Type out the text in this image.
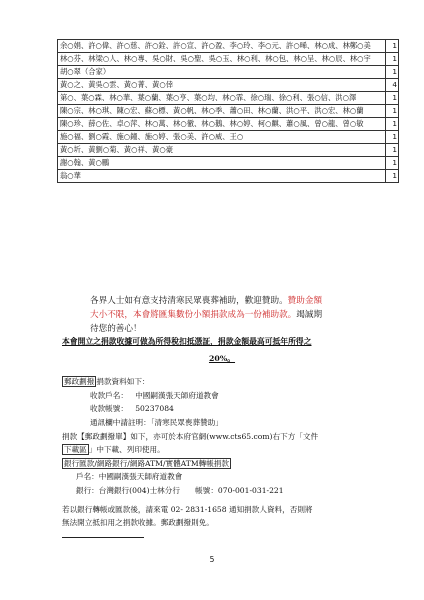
余○娟、許○偉、許○慈、許○銓、許○宣、許○盈、李○玲、李○元、許○晞、林○成、林鄭○美	1
林○芬、林梁○人、林○專、吳○財、吳○聖、吳○玉、林○利、林○包、林○呈、林○辰、林○宇	1
胡○翠（合家）	1
黃○之、黃吳○雲、黃○菁、黃○倖	4
第○、葉○霖、林○華、葉○蘭、葉○亨、葉○均、林○霏、徐○瑞、徐○利、張○信、洪○澤	1
陳○宗、林○琪、陳○宏、蘇○標、黃○帆、林○季、蕭○田、林○蘭、洪○平、洪○宏、林○蘭	1
陳○珍、薛○佐、卓○萍、林○萬、林○徹、林○鵝、林○婷、柯○麒、蕭○風、曾○龍、曾○敏	1
施○福、劉○霞、施○鐘、施○婷、張○美、許○威、王○	1
黃○圻、黃劉○菊、黃○祥、黃○豪	1
謝○翰、黃○鵬	1
翁○華	1
各界人士如有意支持清寒民眾喪葬補助，歡迎贊助。贊助金額
大小不限，本會將匯集數份小額捐款成為一份補助款。竭誠期
待您的善心！
本會開立之捐款收據可做為所得稅扣抵憑証，捐款金額最高可抵年所得之
20%。
郵政劃撥 捐款資料如下：
收款戶名： 中國嗣漢張天師府道教會
收款帳號： 50237084
通訊欄中請註明：「清寒民眾喪葬贊助」
捐款【郵政劃撥單】如下，亦可於本府官網(www.cts65.com)右下方「文件
下載區 」中下載、列印使用。
銀行匯款/網路銀行/網路ATM/實體ATM轉帳捐款
戶名：中國嗣漢張天師府道教會
銀行：台灣銀行(004)士林分行　　帳號：070-001-031-221
若以銀行轉帳或匯款後，請來電 02- 2831-1658 通知捐款人資料，否則將
無法開立抵扣用之捐款收據。郵政劃撥則免。
5
